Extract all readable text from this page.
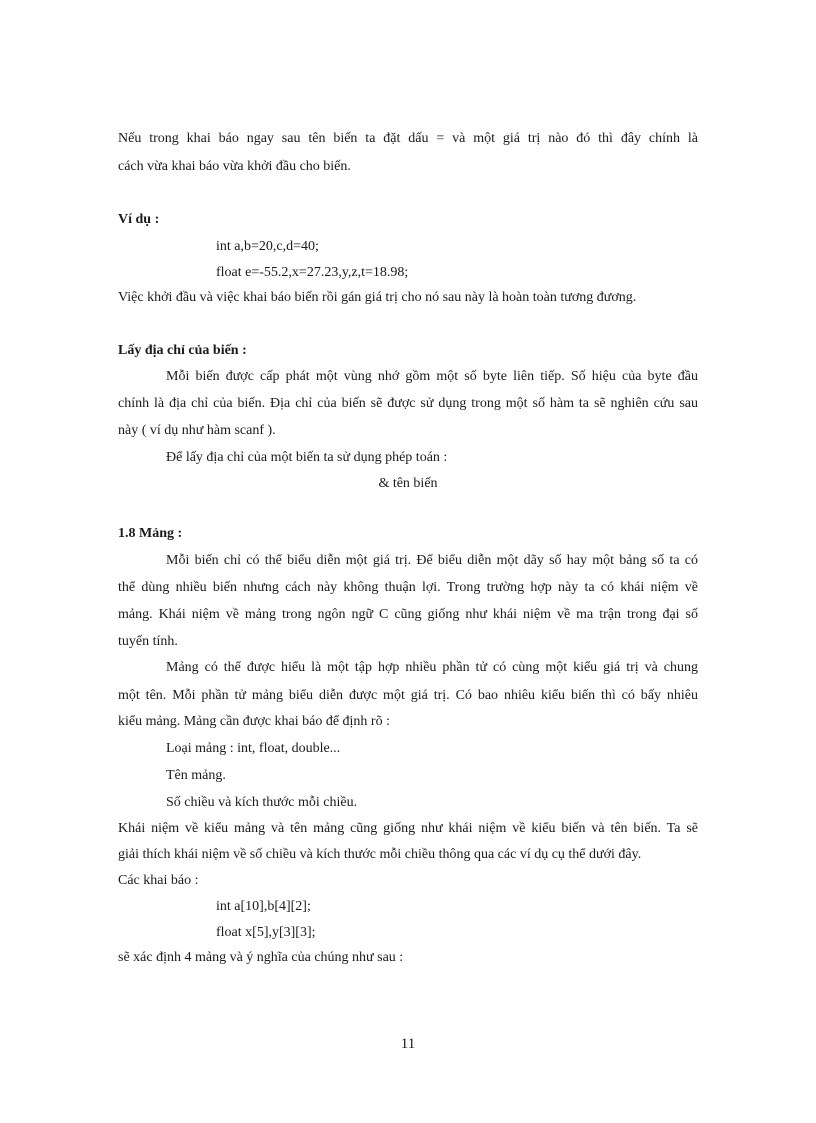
Nếu trong khai báo ngay sau tên biến ta đặt dấu = và một giá trị nào đó thì đây chính là
cách vừa khai báo vừa khởi đầu cho biến.
Ví dụ :
int a,b=20,c,d=40;
float e=-55.2,x=27.23,y,z,t=18.98;
Việc khởi đầu và việc khai báo biến rồi gán giá trị cho nó sau này là hoàn toàn tương đương.
Lấy địa chỉ của biến :
Mỗi biến được cấp phát một vùng nhớ gồm một số byte liên tiếp. Số hiệu của byte đầu
chính là địa chỉ của biến. Địa chỉ của biến sẽ được sử dụng trong một số hàm ta sẽ nghiên cứu sau
này ( ví dụ như hàm scanf ).
Để lấy địa chỉ của một biến ta sử dụng phép toán :
& tên biến
1.8 Mảng :
Mỗi biến chỉ có thể biểu diễn một giá trị. Để biểu diễn một dãy số hay một bảng số ta có
thể dùng nhiều biến nhưng cách này không thuận lợi. Trong trường hợp này ta có khái niệm về
mảng. Khái niệm về mảng trong ngôn ngữ C cũng giống như khái niệm về ma trận trong đại số
tuyến tính.
Mảng có thể được hiểu là một tập hợp nhiều phần tử có cùng một kiểu giá trị và chung
một tên. Mỗi phần tử mảng biểu diễn được một giá trị. Có bao nhiêu kiểu biến thì có bấy nhiêu
kiểu mảng. Mảng cần được khai báo để định rõ :
Loại mảng : int, float, double...
Tên mảng.
Số chiều và kích thước mỗi chiều.
Khái niệm về kiểu mảng và tên mảng cũng giống như khái niệm về kiểu biến và tên biến. Ta sẽ
giải thích khái niệm về số chiều và kích thước mỗi chiều thông qua các ví dụ cụ thể dưới đây.
Các khai báo :
int a[10],b[4][2];
float x[5],y[3][3];
sẽ xác định 4 mảng và ý nghĩa của chúng như sau :
11
